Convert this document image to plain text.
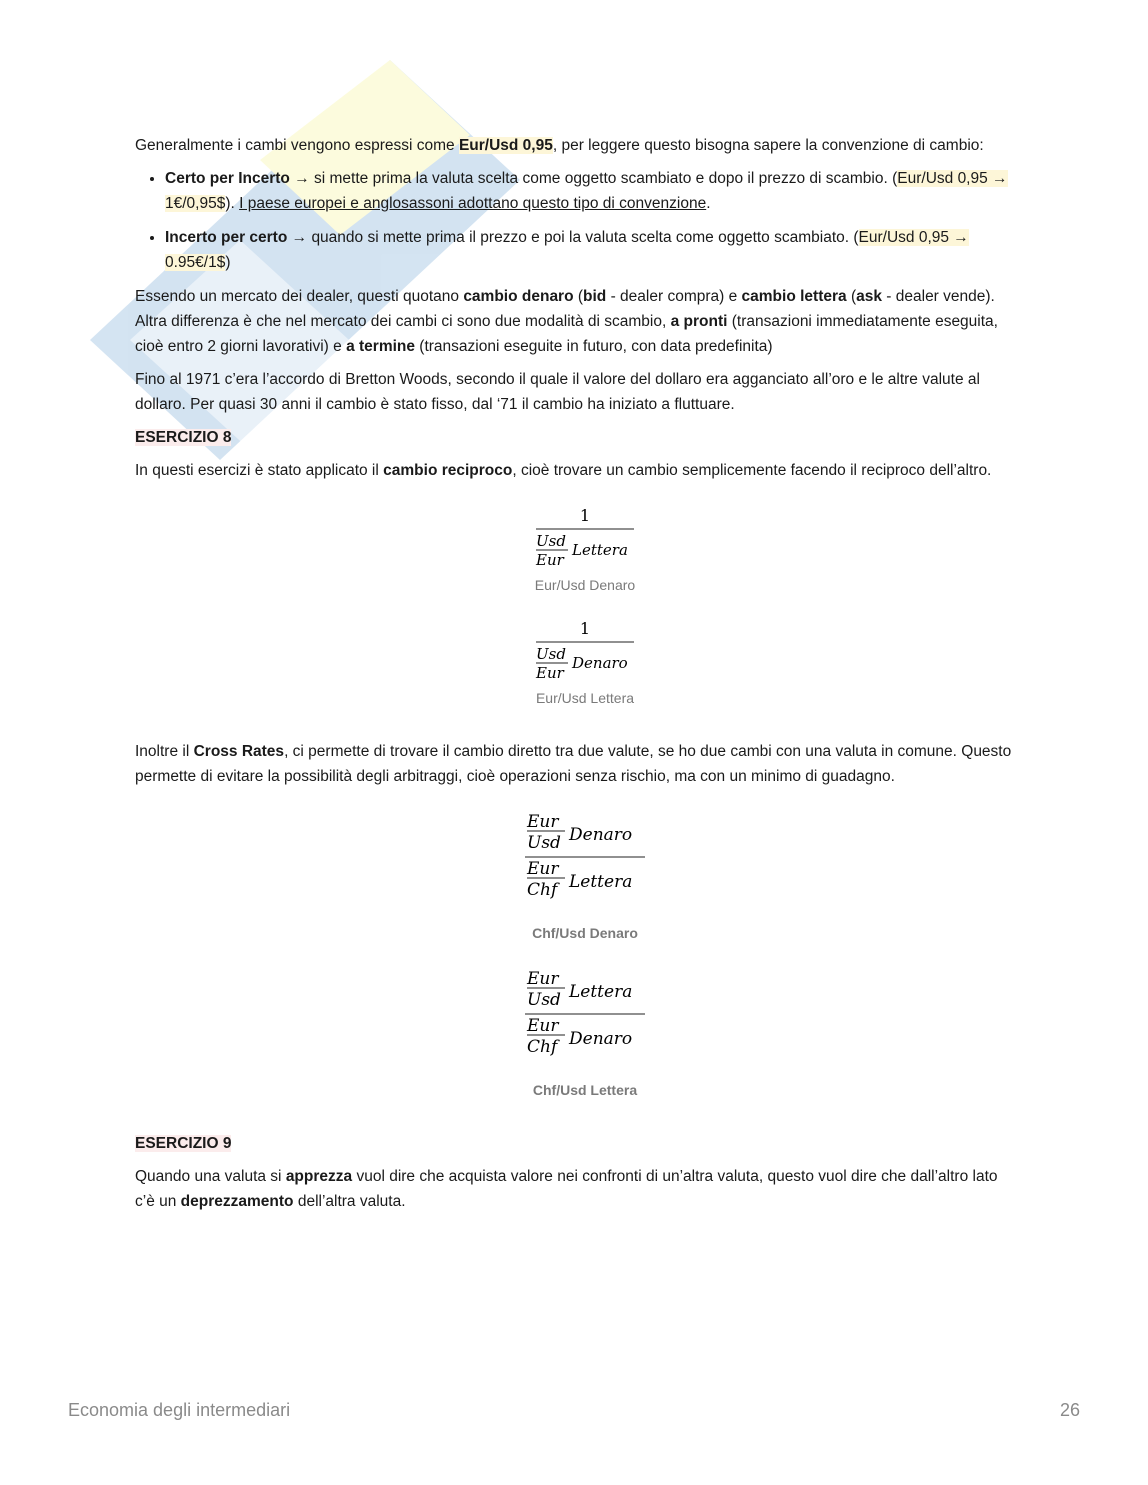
Generalmente i cambi vengono espressi come Eur/Usd 0,95, per leggere questo bisogna sapere la convenzione di cambio:

• Certo per Incerto → si mette prima la valuta scelta come oggetto scambiato e dopo il prezzo di scambio. (Eur/Usd 0,95 → 1€/0,95$). I paese europei e anglosassoni adottano questo tipo di convenzione.
• Incerto per certo → quando si mette prima il prezzo e poi la valuta scelta come oggetto scambiato. (Eur/Usd 0,95 → 0.95€/1$)

Essendo un mercato dei dealer, questi quotano cambio denaro (bid - dealer compra) e cambio lettera (ask - dealer vende). Altra differenza è che nel mercato dei cambi ci sono due modalità di scambio, a pronti (transazioni immediatamente eseguita, cioè entro 2 giorni lavorativi) e a termine (transazioni eseguite in futuro, con data predefinita)

Fino al 1971 c’era l’accordo di Bretton Woods, secondo il quale il valore del dollaro era agganciato all’oro e le altre valute al dollaro. Per quasi 30 anni il cambio è stato fisso, dal ‘71 il cambio ha iniziato a fluttuare.

ESERCIZIO 8

In questi esercizi è stato applicato il cambio reciproco, cioè trovare un cambio semplicemente facendo il reciproco dell’altro.

1
Usd
Eur
Lettera
Eur/Usd Denaro
1
Usd
Eur
Denaro
Eur/Usd Lettera

Inoltre il Cross Rates, ci permette di trovare il cambio diretto tra due valute, se ho due cambi con una valuta in comune. Questo permette di evitare la possibilità degli arbitraggi, cioè operazioni senza rischio, ma con un minimo di guadagno.

Eur
Usd Denaro
Eur
Chf Lettera
Chf/Usd Denaro
Eur
Usd Lettera
Eur
Chf Denaro
Chf/Usd Lettera
ESERCIZIO 9

Quando una valuta si apprezza vuol dire che acquista valore nei confronti di un’altra valuta, questo vuol dire che dall’altro lato c’è un deprezzamento dell’altra valuta.

Economia degli intermediari	26
